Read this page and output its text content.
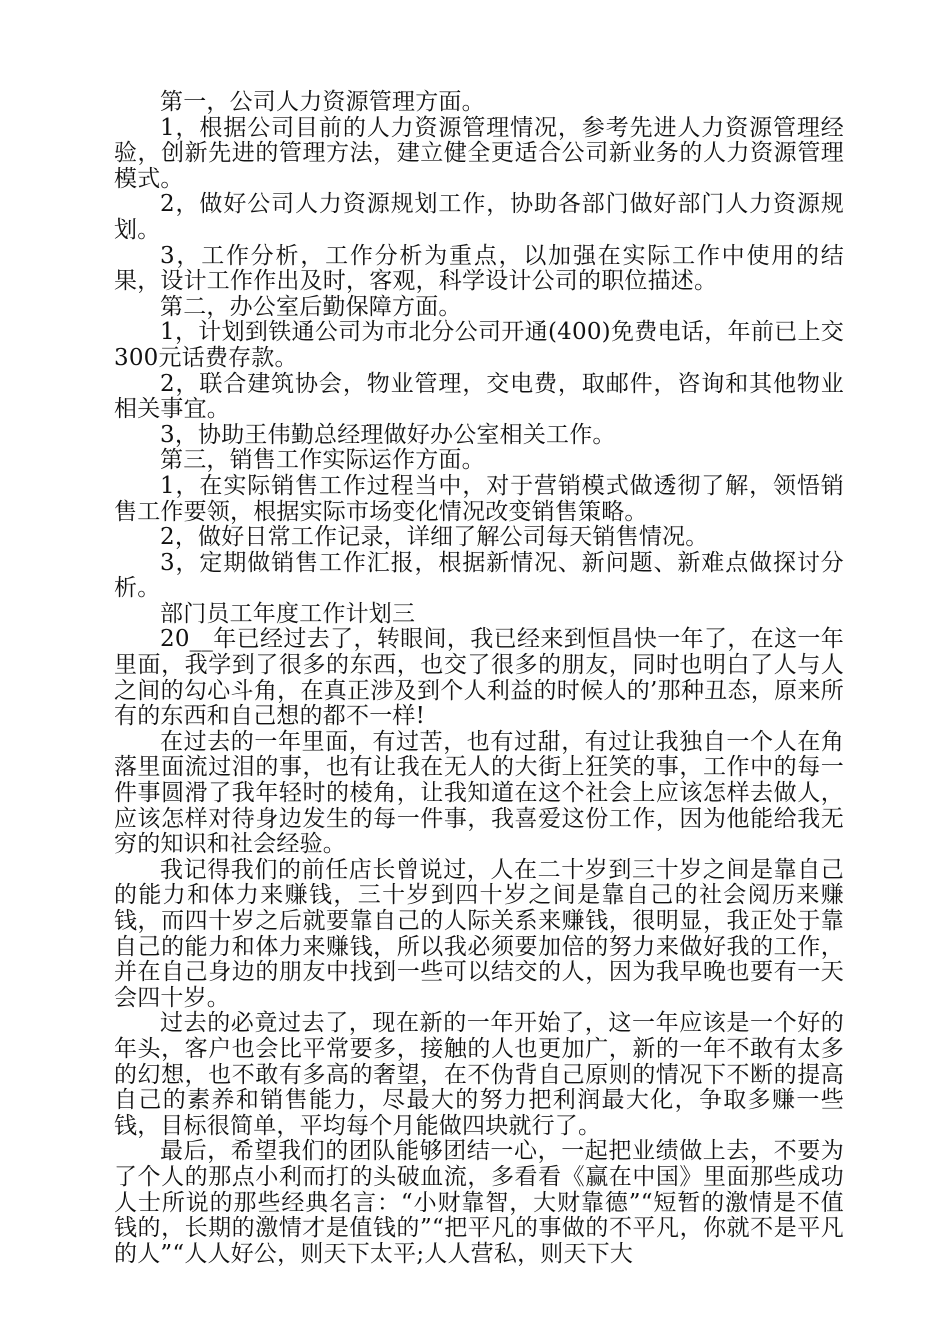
第一，公司人力资源管理方面。

1，根据公司目前的人力资源管理情况，参考先进人力资源管理经验，创新先进的管理方法，建立健全更适合公司新业务的人力资源管理模式。

2，做好公司人力资源规划工作，协助各部门做好部门人力资源规划。

3，工作分析，工作分析为重点，以加强在实际工作中使用的结果，设计工作作出及时，客观，科学设计公司的职位描述。

第二，办公室后勤保障方面。

1，计划到铁通公司为市北分公司开通(400)免费电话，年前已上交300元话费存款。

2，联合建筑协会，物业管理，交电费，取邮件，咨询和其他物业相关事宜。

3，协助王伟勤总经理做好办公室相关工作。

第三，销售工作实际运作方面。

1，在实际销售工作过程当中，对于营销模式做透彻了解，领悟销售工作要领，根据实际市场变化情况改变销售策略。

2，做好日常工作记录，详细了解公司每天销售情况。

3，定期做销售工作汇报，根据新情况、新问题、新难点做探讨分析。

部门员工年度工作计划三

20__年已经过去了，转眼间，我已经来到恒昌快一年了，在这一年里面，我学到了很多的东西，也交了很多的朋友，同时也明白了人与人之间的勾心斗角，在真正涉及到个人利益的时候人的’那种丑态，原来所有的东西和自己想的都不一样!

在过去的一年里面，有过苦，也有过甜，有过让我独自一个人在角落里面流过泪的事，也有让我在无人的大街上狂笑的事，工作中的每一件事圆滑了我年轻时的棱角，让我知道在这个社会上应该怎样去做人，应该怎样对待身边发生的每一件事，我喜爱这份工作，因为他能给我无穷的知识和社会经验。

我记得我们的前任店长曾说过，人在二十岁到三十岁之间是靠自己的能力和体力来赚钱，三十岁到四十岁之间是靠自己的社会阅历来赚钱，而四十岁之后就要靠自己的人际关系来赚钱，很明显，我正处于靠自己的能力和体力来赚钱，所以我必须要加倍的努力来做好我的工作，并在自己身边的朋友中找到一些可以结交的人，因为我早晚也要有一天会四十岁。

过去的必竟过去了，现在新的一年开始了，这一年应该是一个好的年头，客户也会比平常要多，接触的人也更加广，新的一年不敢有太多的幻想，也不敢有多高的奢望，在不伪背自己原则的情况下不断的提高自己的素养和销售能力，尽最大的努力把利润最大化，争取多赚一些钱，目标很简单，平均每个月能做四块就行了。

最后，希望我们的团队能够团结一心，一起把业绩做上去，不要为了个人的那点小利而打的头破血流，多看看《赢在中国》里面那些成功人士所说的那些经典名言：“小财靠智，大财靠德”“短暂的激情是不值钱的，长期的激情才是值钱的”“把平凡的事做的不平凡，你就不是平凡的人”“人人好公，则天下太平;人人营私，则天下大
